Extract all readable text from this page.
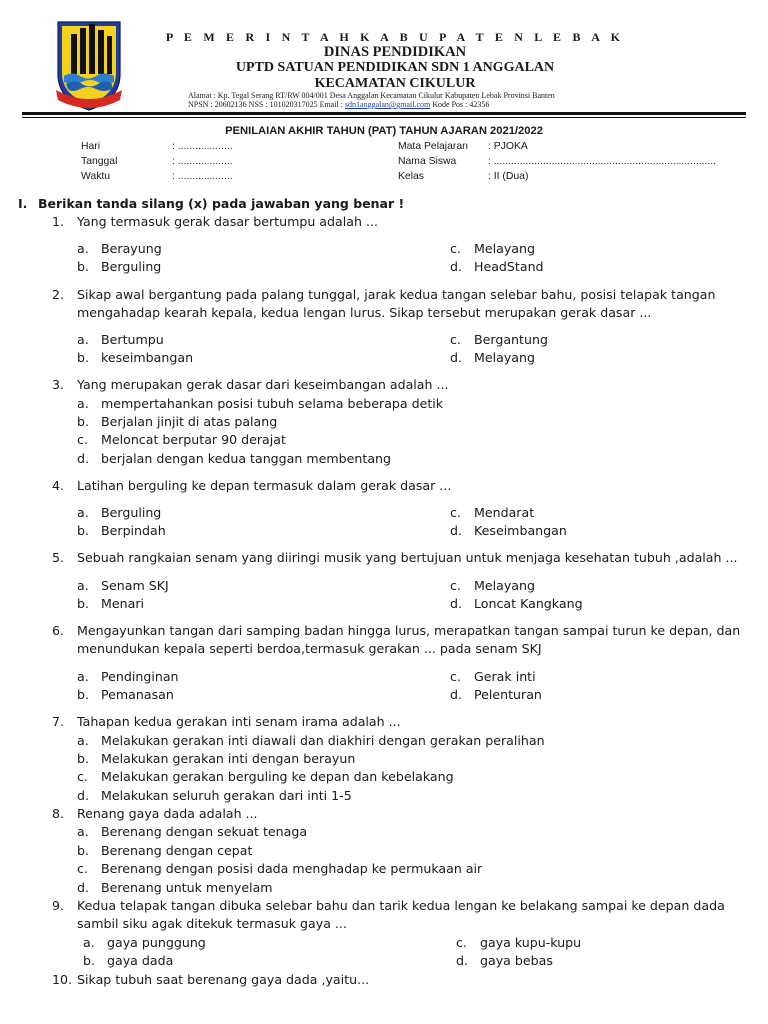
P E M E R I N T A H K A B U P A T E N L E B A K
DINAS PENDIDIKAN
UPTD SATUAN PENDIDIKAN SDN 1 ANGGALAN
KECAMATAN CIKULUR
Alamat : Kp. Tegal Serang RT/RW 004/001 Desa Anggalan Kecamatan Cikulur Kabupaten Lebak Provinsi Banten
NPSN : 20602136 NSS : 101020317025 Email : sdn1anggalan@gmail.com Kode Pos : 42356
PENILAIAN AKHIR TAHUN (PAT) TAHUN AJARAN 2021/2022
Hari	: ...................
Tanggal	: ...................
Waktu	: ...................
Mata Pelajaran : PJOKA
Nama Siswa	: .............................................................................
Kelas	: II (Dua)
I. Berikan tanda silang (x) pada jawaban yang benar !
1.	Yang termasuk gerak dasar bertumpu adalah ...
a. Berayung
b. Berguling
c. Melayang
d. HeadStand
2.	Sikap awal bergantung pada palang tunggal, jarak kedua tangan selebar bahu, posisi telapak tangan
mengahadap kearah kepala, kedua lengan lurus. Sikap tersebut merupakan gerak dasar ...
a. Bertumpu
b. keseimbangan
c. Bergantung
d. Melayang
3.	Yang merupakan gerak dasar dari keseimbangan adalah ...
a. mempertahankan posisi tubuh selama beberapa detik
b. Berjalan jinjit di atas palang
c. Meloncat berputar 90 derajat
d. berjalan dengan kedua tanggan membentang
4.	Latihan berguling ke depan termasuk dalam gerak dasar ...
a. Berguling
b. Berpindah
c. Mendarat
d. Keseimbangan
5.	Sebuah rangkaian senam yang diiringi musik yang bertujuan untuk menjaga kesehatan tubuh ,adalah ...
a. Senam SKJ
b. Menari
c. Melayang
d. Loncat Kangkang
6.	Mengayunkan tangan dari samping badan hingga lurus, merapatkan tangan sampai turun ke depan, dan
menundukan kepala seperti berdoa,termasuk gerakan ... pada senam SKJ
a. Pendinginan
b. Pemanasan
c. Gerak inti
d. Pelenturan
7.	Tahapan kedua gerakan inti senam irama adalah ...
a. Melakukan gerakan inti diawali dan diakhiri dengan gerakan peralihan
b. Melakukan gerakan inti dengan berayun
c. Melakukan gerakan berguling ke depan dan kebelakang
d. Melakukan seluruh gerakan dari inti 1-5
8.	Renang gaya dada adalah ...
a. Berenang dengan sekuat tenaga
b. Berenang dengan cepat
c. Berenang dengan posisi dada menghadap ke permukaan air
d. Berenang untuk menyelam
9.	Kedua telapak tangan dibuka selebar bahu dan tarik kedua lengan ke belakang sampai ke depan dada
sambil siku agak ditekuk termasuk gaya ...
a. gaya punggung
b. gaya dada
c. gaya kupu-kupu
d. gaya bebas
10. Sikap tubuh saat berenang gaya dada ,yaitu...
